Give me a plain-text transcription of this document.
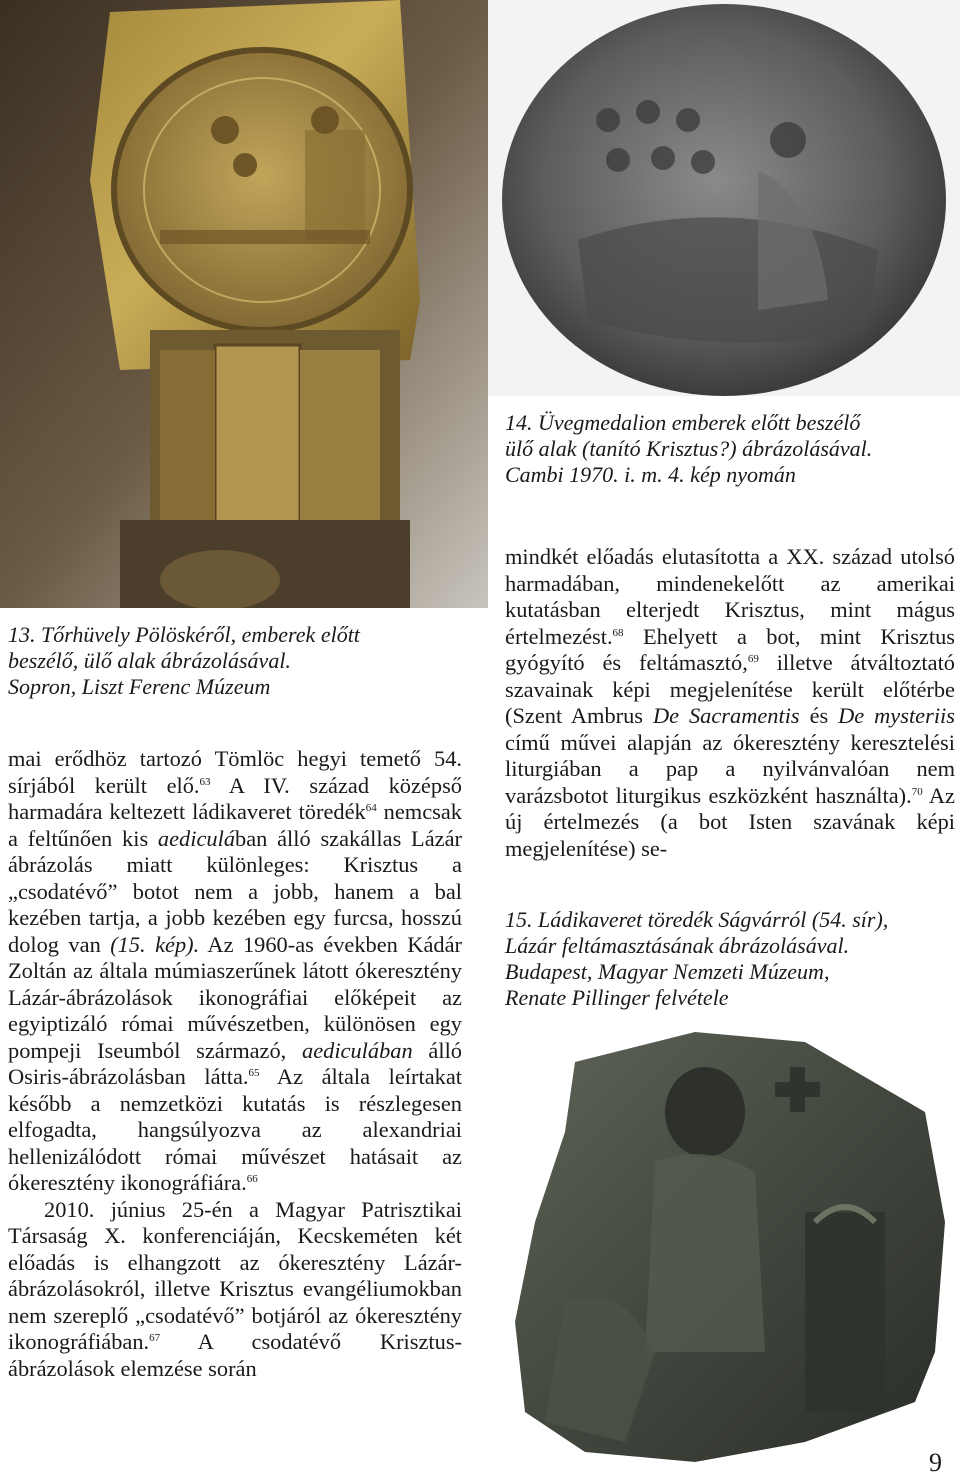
13. Tőrhüvely Pölöskéről, emberek előtt
beszélő, ülő alak ábrázolásával.
Sopron, Liszt Ferenc Múzeum
14. Üvegmedalion emberek előtt beszélő
ülő alak (tanító Krisztus?) ábrázolásával.
Cambi 1970. i. m. 4. kép nyomán
15. Ládikaveret töredék Ságvárról (54. sír),
Lázár feltámasztásának ábrázolásával.
Budapest, Magyar Nemzeti Múzeum,
Renate Pillinger felvétele

mai erődhöz tartozó Tömlöc hegyi temető 54. sírjából került elő.$^{63}$ A IV. század középső harmadára keltezett ládikaveret töredék$^{64}$ nemcsak a feltűnően kis aediculában álló szakállas Lázár ábrázolás miatt különleges: Krisztus a „csodatévő” botot nem a jobb, hanem a bal kezében tartja, a jobb kezében egy furcsa, hosszú dolog van (15. kép). Az 1960-as években Kádár Zoltán az általa múmiaszerűnek látott ókeresztény Lázár-ábrázolások ikonográfiai előképeit az egyiptizáló római művészetben, különösen egy pompeji Iseumból származó, aediculában álló Osiris-ábrázolásban látta.$^{65}$ Az általa leírtakat később a nemzetközi kutatás is részlegesen elfogadta, hangsúlyozva az alexandriai hellenizálódott római művészet hatásait az ókeresztény ikonográfiára.$^{66}$

2010. június 25-én a Magyar Patrisztikai Társaság X. konferenciáján, Kecskeméten két előadás is elhangzott az ókeresztény Lázár-ábrázolásokról, illetve Krisztus evangéliumokban nem szereplő „csodatévő” botjáról az ókeresztény ikonográfiában.$^{67}$ A csodatévő Krisztus-ábrázolások elemzése során

mindkét előadás elutasította a XX. század utolsó harmadában, mindenekelőtt az amerikai kutatásban elterjedt Krisztus, mint mágus értelmezést.$^{68}$ Ehelyett a bot, mint Krisztus gyógyító és feltámasztó,$^{69}$ illetve átváltoztató szavainak képi megjelenítése került előtérbe (Szent Ambrus De Sacramentis és De mysteriis című művei alapján az ókeresztény keresztelési liturgiában a pap a nyilvánvalóan nem varázsbotot liturgikus eszközként használta).$^{70}$ Az új értelmezés (a bot Isten szavának képi megjelenítése) se-

9
